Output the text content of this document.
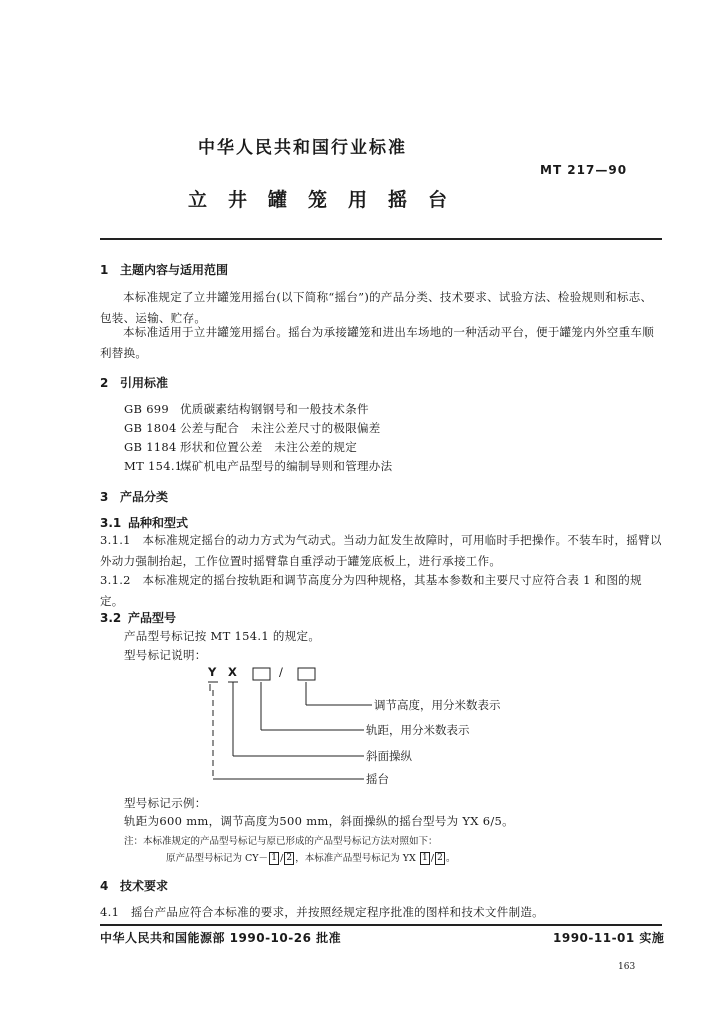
中华人民共和国行业标准
MT 217—90
立井罐笼用摇台
1 主题内容与适用范围
本标准规定了立井罐笼用摇台(以下简称“摇台”)的产品分类、技术要求、试验方法、检验规则和标志、包装、运输、贮存。
本标准适用于立井罐笼用摇台。摇台为承接罐笼和进出车场地的一种活动平台，便于罐笼内外空重车顺利替换。
2 引用标准
GB 699 优质碳素结构钢钢号和一般技术条件
GB 1804 公差与配合　未注公差尺寸的极限偏差
GB 1184 形状和位置公差　未注公差的规定
MT 154.1煤矿机电产品型号的编制导则和管理办法
3 产品分类
3.1 品种和型式
3.1.1　本标准规定摇台的动力方式为气动式。当动力缸发生故障时，可用临时手把操作。不装车时，摇臂以外动力强制抬起，工作位置时摇臂靠自重浮动于罐笼底板上，进行承接工作。
3.1.2　本标准规定的摇台按轨距和调节高度分为四种规格，其基本参数和主要尺寸应符合表 1 和图的规定。
3.2 产品型号
产品型号标记按 MT 154.1 的规定。
型号标记说明：
Y X	/
调节高度，用分米数表示
轨距，用分米数表示
斜面操纵
摇台
型号标记示例：
轨距为600 mm，调节高度为500 mm，斜面操纵的摇台型号为 YX 6/5。
注：本标准规定的产品型号标记与原已形成的产品型号标记方法对照如下：
原产品型号标记为 CY－ 1 / 2 ，本标准产品型号标记为 YX 1 / 2 。
4 技术要求
4.1　摇台产品应符合本标准的要求，并按照经规定程序批准的图样和技术文件制造。
中华人民共和国能源部 1990-10-26 批准	1990-11-01 实施
163
